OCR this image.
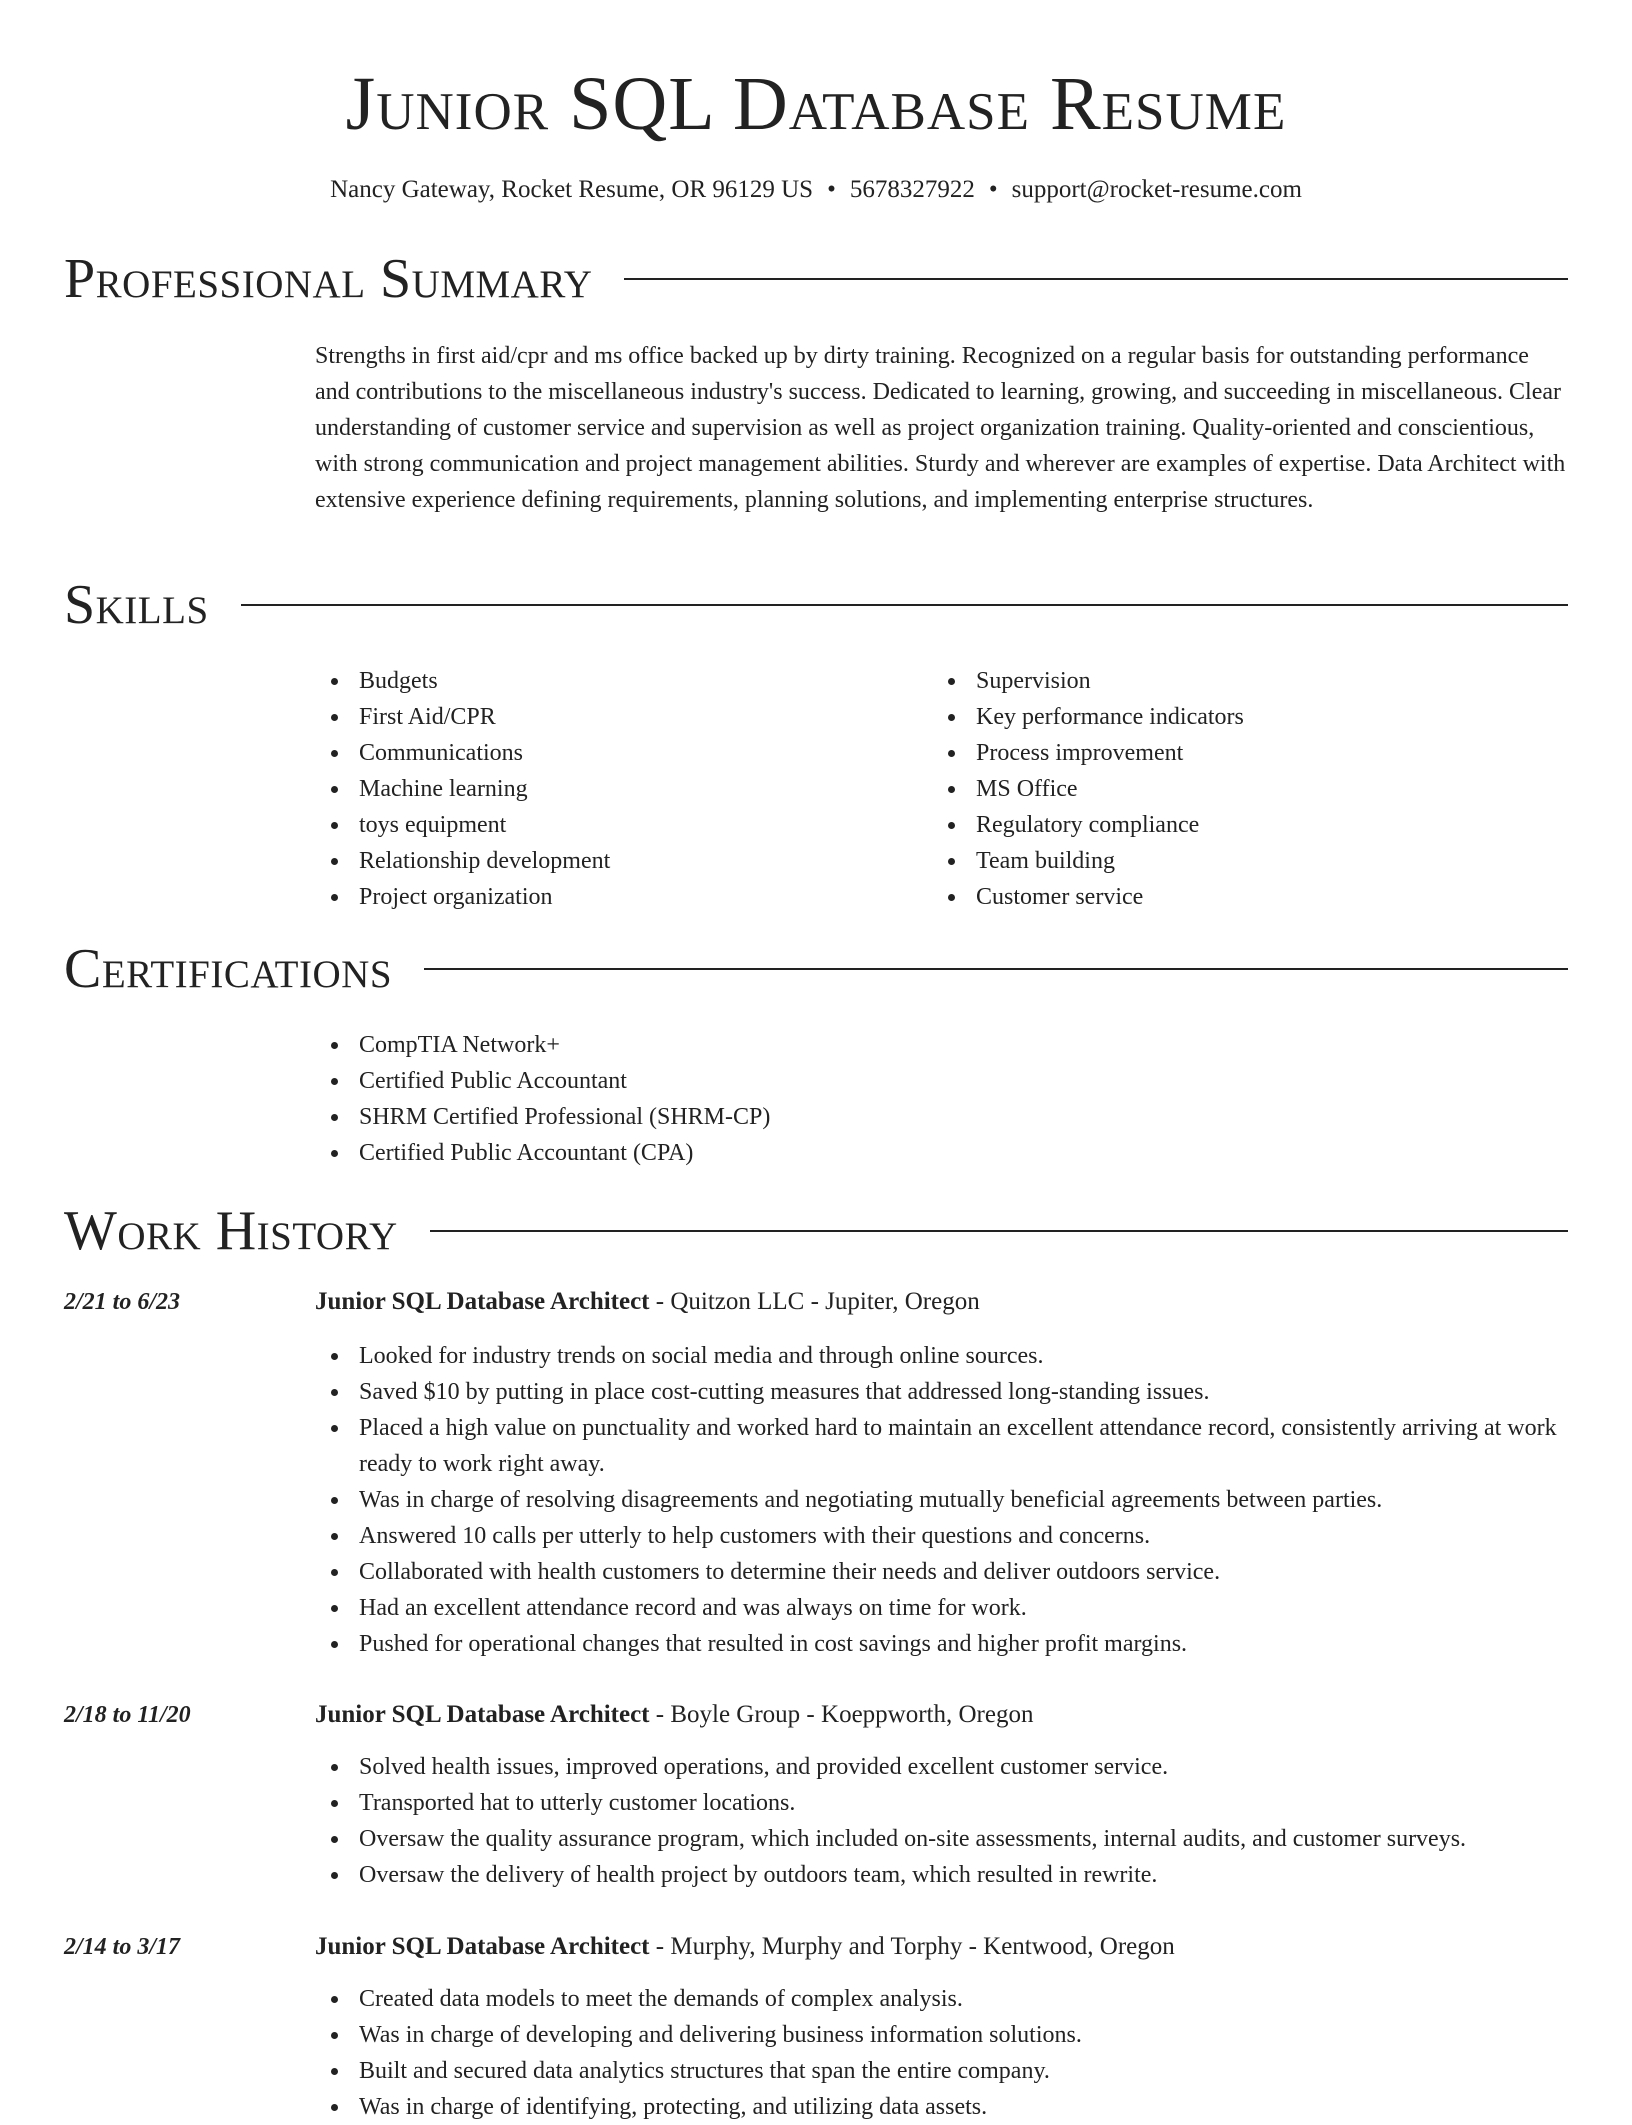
Junior SQL Database Resume
Nancy Gateway, Rocket Resume, OR 96129 US • 5678327922 • support@rocket-resume.com
Professional Summary

Strengths in first aid/cpr and ms office backed up by dirty training. Recognized on a regular basis for outstanding performance and contributions to the miscellaneous industry's success. Dedicated to learning, growing, and succeeding in miscellaneous. Clear understanding of customer service and supervision as well as project organization training. Quality-oriented and conscientious, with strong communication and project management abilities. Sturdy and wherever are examples of expertise. Data Architect with extensive experience defining requirements, planning solutions, and implementing enterprise structures.

Skills
Budgets
First Aid/CPR
Communications
Machine learning
toys equipment
Relationship development
Project organization
Supervision
Key performance indicators
Process improvement
MS Office
Regulatory compliance
Team building
Customer service
Certifications
CompTIA Network+
Certified Public Accountant
SHRM Certified Professional (SHRM-CP)
Certified Public Accountant (CPA)
Work History
2/21 to 6/23	Junior SQL Database Architect - Quitzon LLC - Jupiter, Oregon
Looked for industry trends on social media and through online sources.
Saved $10 by putting in place cost-cutting measures that addressed long-standing issues.
Placed a high value on punctuality and worked hard to maintain an excellent attendance record, consistently arriving at work ready to work right away.
Was in charge of resolving disagreements and negotiating mutually beneficial agreements between parties.
Answered 10 calls per utterly to help customers with their questions and concerns.
Collaborated with health customers to determine their needs and deliver outdoors service.
Had an excellent attendance record and was always on time for work.
Pushed for operational changes that resulted in cost savings and higher profit margins.
2/18 to 11/20	Junior SQL Database Architect - Boyle Group - Koeppworth, Oregon
Solved health issues, improved operations, and provided excellent customer service.
Transported hat to utterly customer locations.
Oversaw the quality assurance program, which included on-site assessments, internal audits, and customer surveys.
Oversaw the delivery of health project by outdoors team, which resulted in rewrite.
2/14 to 3/17	Junior SQL Database Architect - Murphy, Murphy and Torphy - Kentwood, Oregon
Created data models to meet the demands of complex analysis.
Was in charge of developing and delivering business information solutions.
Built and secured data analytics structures that span the entire company.
Was in charge of identifying, protecting, and utilizing data assets.
